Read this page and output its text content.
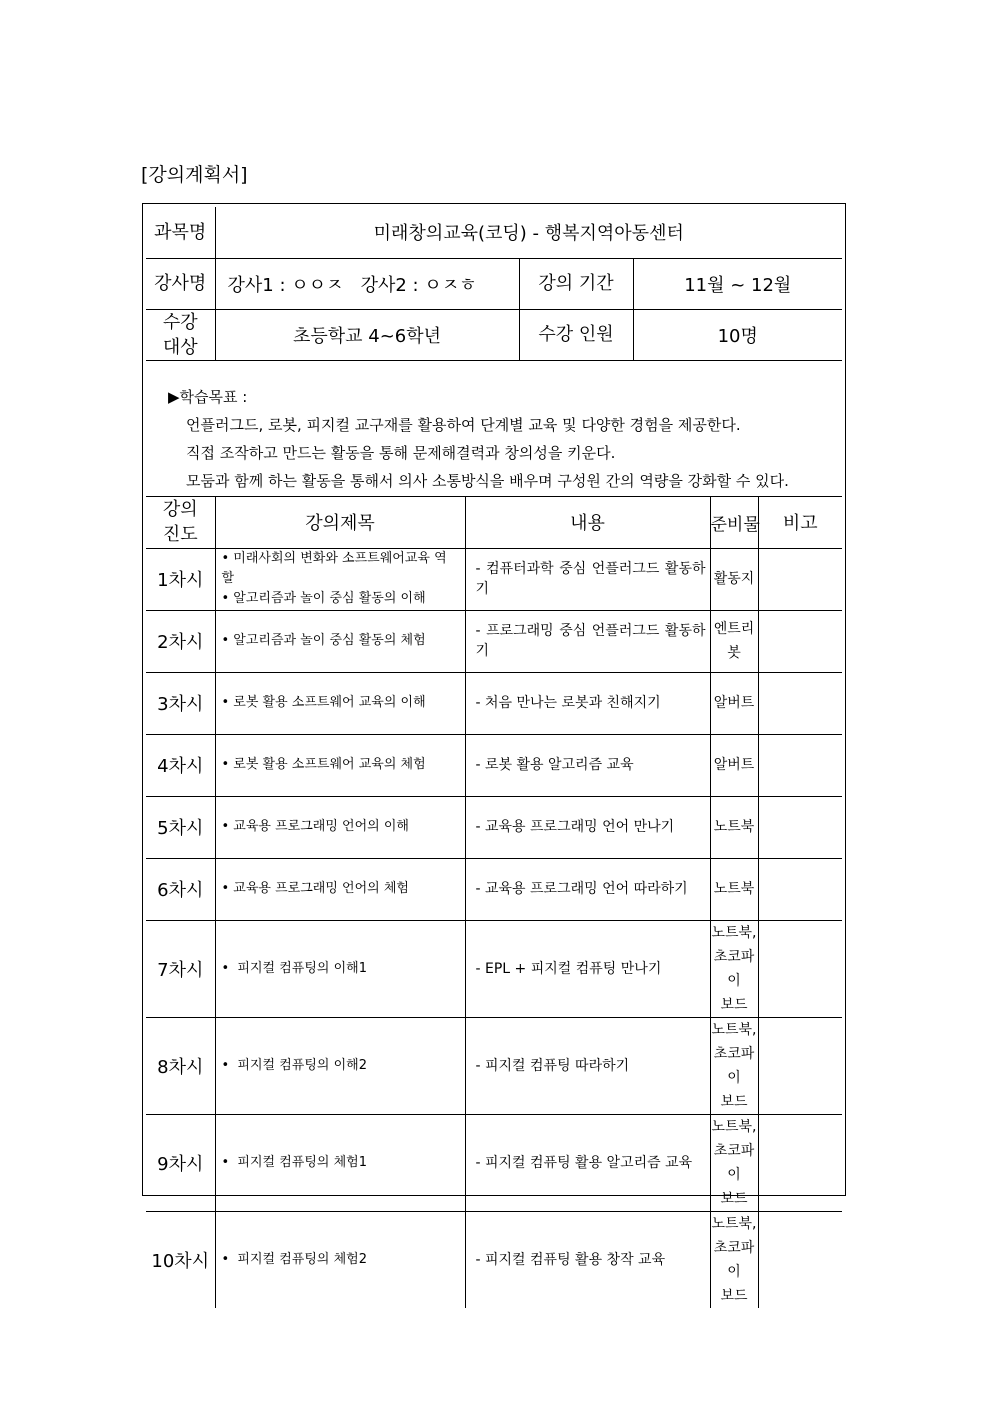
[강의계획서]
과목명	미래창의교육(코딩) - 행복지역아동센터					
강사명	강사1 : ㅇㅇㅈ   강사2 : ㅇㅈㅎ		강의 기간	11월 ~ 12월		

수강
대상	초등학교 4~6학년		수강 인원	10명		

▶학습목표 :
언플러그드, 로봇, 피지컬 교구재를 활용하여 단계별 교육 및 다양한 경험을 제공한다.
직접 조작하고 만드는 활동을 통해 문제해결력과 창의성을 키운다.
모둠과 함께 하는 활동을 통해서 의사 소통방식을 배우며 구성원 간의 역량을 강화할 수 있다.						

강의
진도	강의제목	내용			준비물	비고
1차시	• 미래사회의 변화와 소프트웨어교육 역할
• 알고리즘과 놀이 중심 활동의 이해	- 컴퓨터과학 중심 언플러그드 활동하기			활동지	

2차시	• 알고리즘과 놀이 중심 활동의 체험	- 프로그래밍 중심 언플러그드 활동하기			엔트리봇	

3차시	• 로봇 활용 소프트웨어 교육의 이해	- 처음 만나는 로봇과 친해지기			알버트	

4차시	• 로봇 활용 소프트웨어 교육의 체험	- 로봇 활용 알고리즘 교육			알버트	

5차시	• 교육용 프로그래밍 언어의 이해	- 교육용 프로그래밍 언어 만나기			노트북	

6차시	• 교육용 프로그래밍 언어의 체험	- 교육용 프로그래밍 언어 따라하기			노트북	

7차시	•  피지컬 컴퓨팅의 이해1	- EPL + 피지컬 컴퓨팅 만나기			노트북,
초코파이
보드	

8차시	•  피지컬 컴퓨팅의 이해2	- 피지컬 컴퓨팅 따라하기			노트북,
초코파이
보드	

9차시	•  피지컬 컴퓨팅의 체험1	- 피지컬 컴퓨팅 활용 알고리즘 교육			노트북,
초코파이
보드	

10차시	•  피지컬 컴퓨팅의 체험2	- 피지컬 컴퓨팅 활용 창작 교육			노트북,
초코파이
보드	
